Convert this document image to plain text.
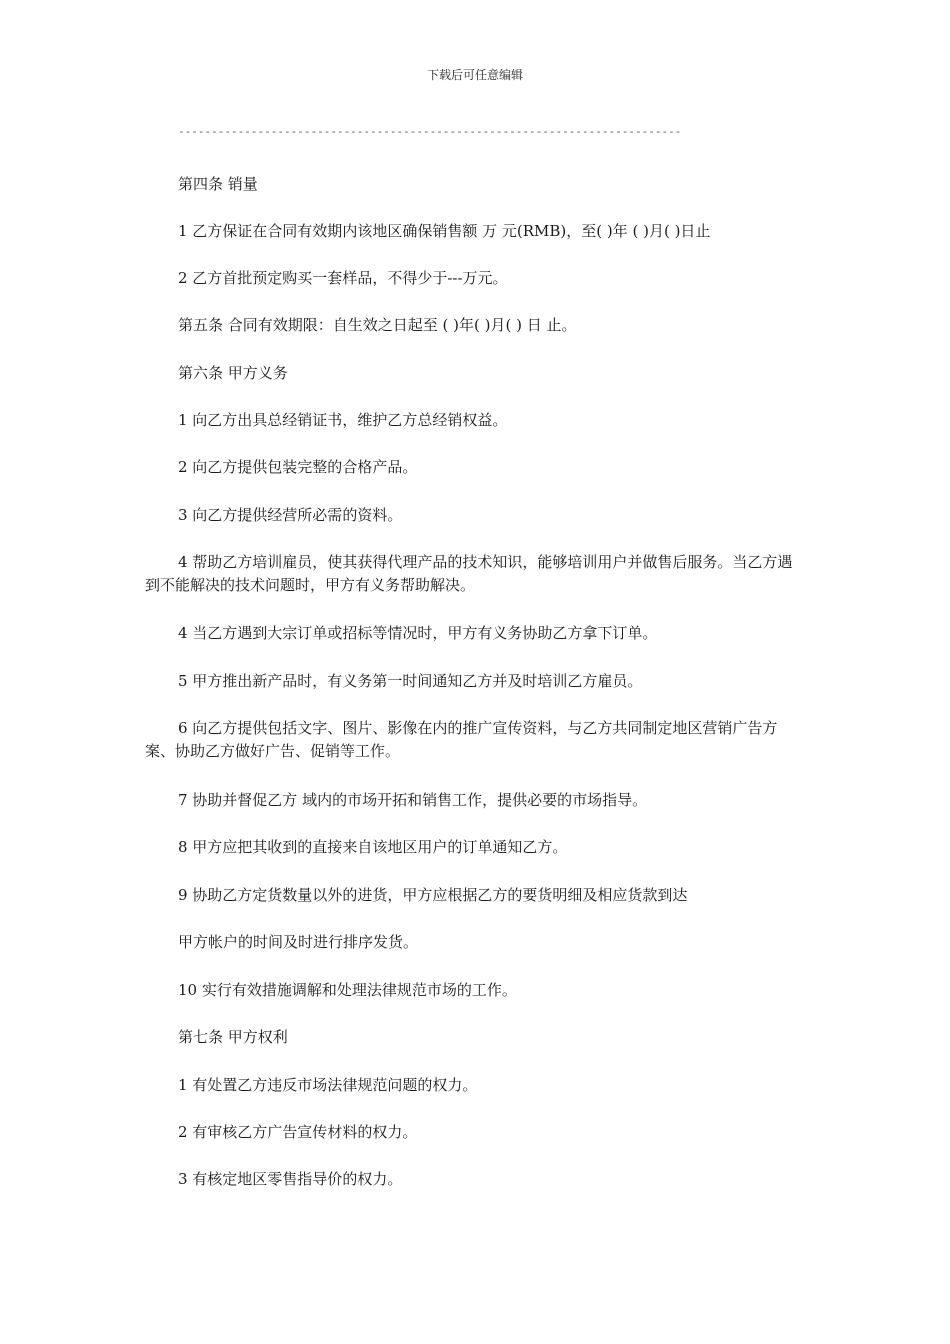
下载后可任意编辑
----------------------------------------------------------------------------
第四条 销量
1 乙方保证在合同有效期内该地区确保销售额 万 元(RMB)，至( )年 ( )月( )日止
2 乙方首批预定购买一套样品，不得少于---万元。
第五条 合同有效期限：自生效之日起至 ( )年( )月( ) 日 止。
第六条 甲方义务
1 向乙方出具总经销证书，维护乙方总经销权益。
2 向乙方提供包装完整的合格产品。
3 向乙方提供经营所必需的资料。
4 帮助乙方培训雇员，使其获得代理产品的技术知识，能够培训用户并做售后服务。当乙方遇到不能解决的技术问题时，甲方有义务帮助解决。
4 当乙方遇到大宗订单或招标等情况时，甲方有义务协助乙方拿下订单。
5 甲方推出新产品时，有义务第一时间通知乙方并及时培训乙方雇员。
6 向乙方提供包括文字、图片、影像在内的推广宣传资料，与乙方共同制定地区营销广告方案、协助乙方做好广告、促销等工作。
7 协助并督促乙方 域内的市场开拓和销售工作，提供必要的市场指导。
8 甲方应把其收到的直接来自该地区用户的订单通知乙方。
9 协助乙方定货数量以外的进货，甲方应根据乙方的要货明细及相应货款到达
甲方帐户的时间及时进行排序发货。
10 实行有效措施调解和处理法律规范市场的工作。
第七条 甲方权利
1 有处置乙方违反市场法律规范问题的权力。
2 有审核乙方广告宣传材料的权力。
3 有核定地区零售指导价的权力。
